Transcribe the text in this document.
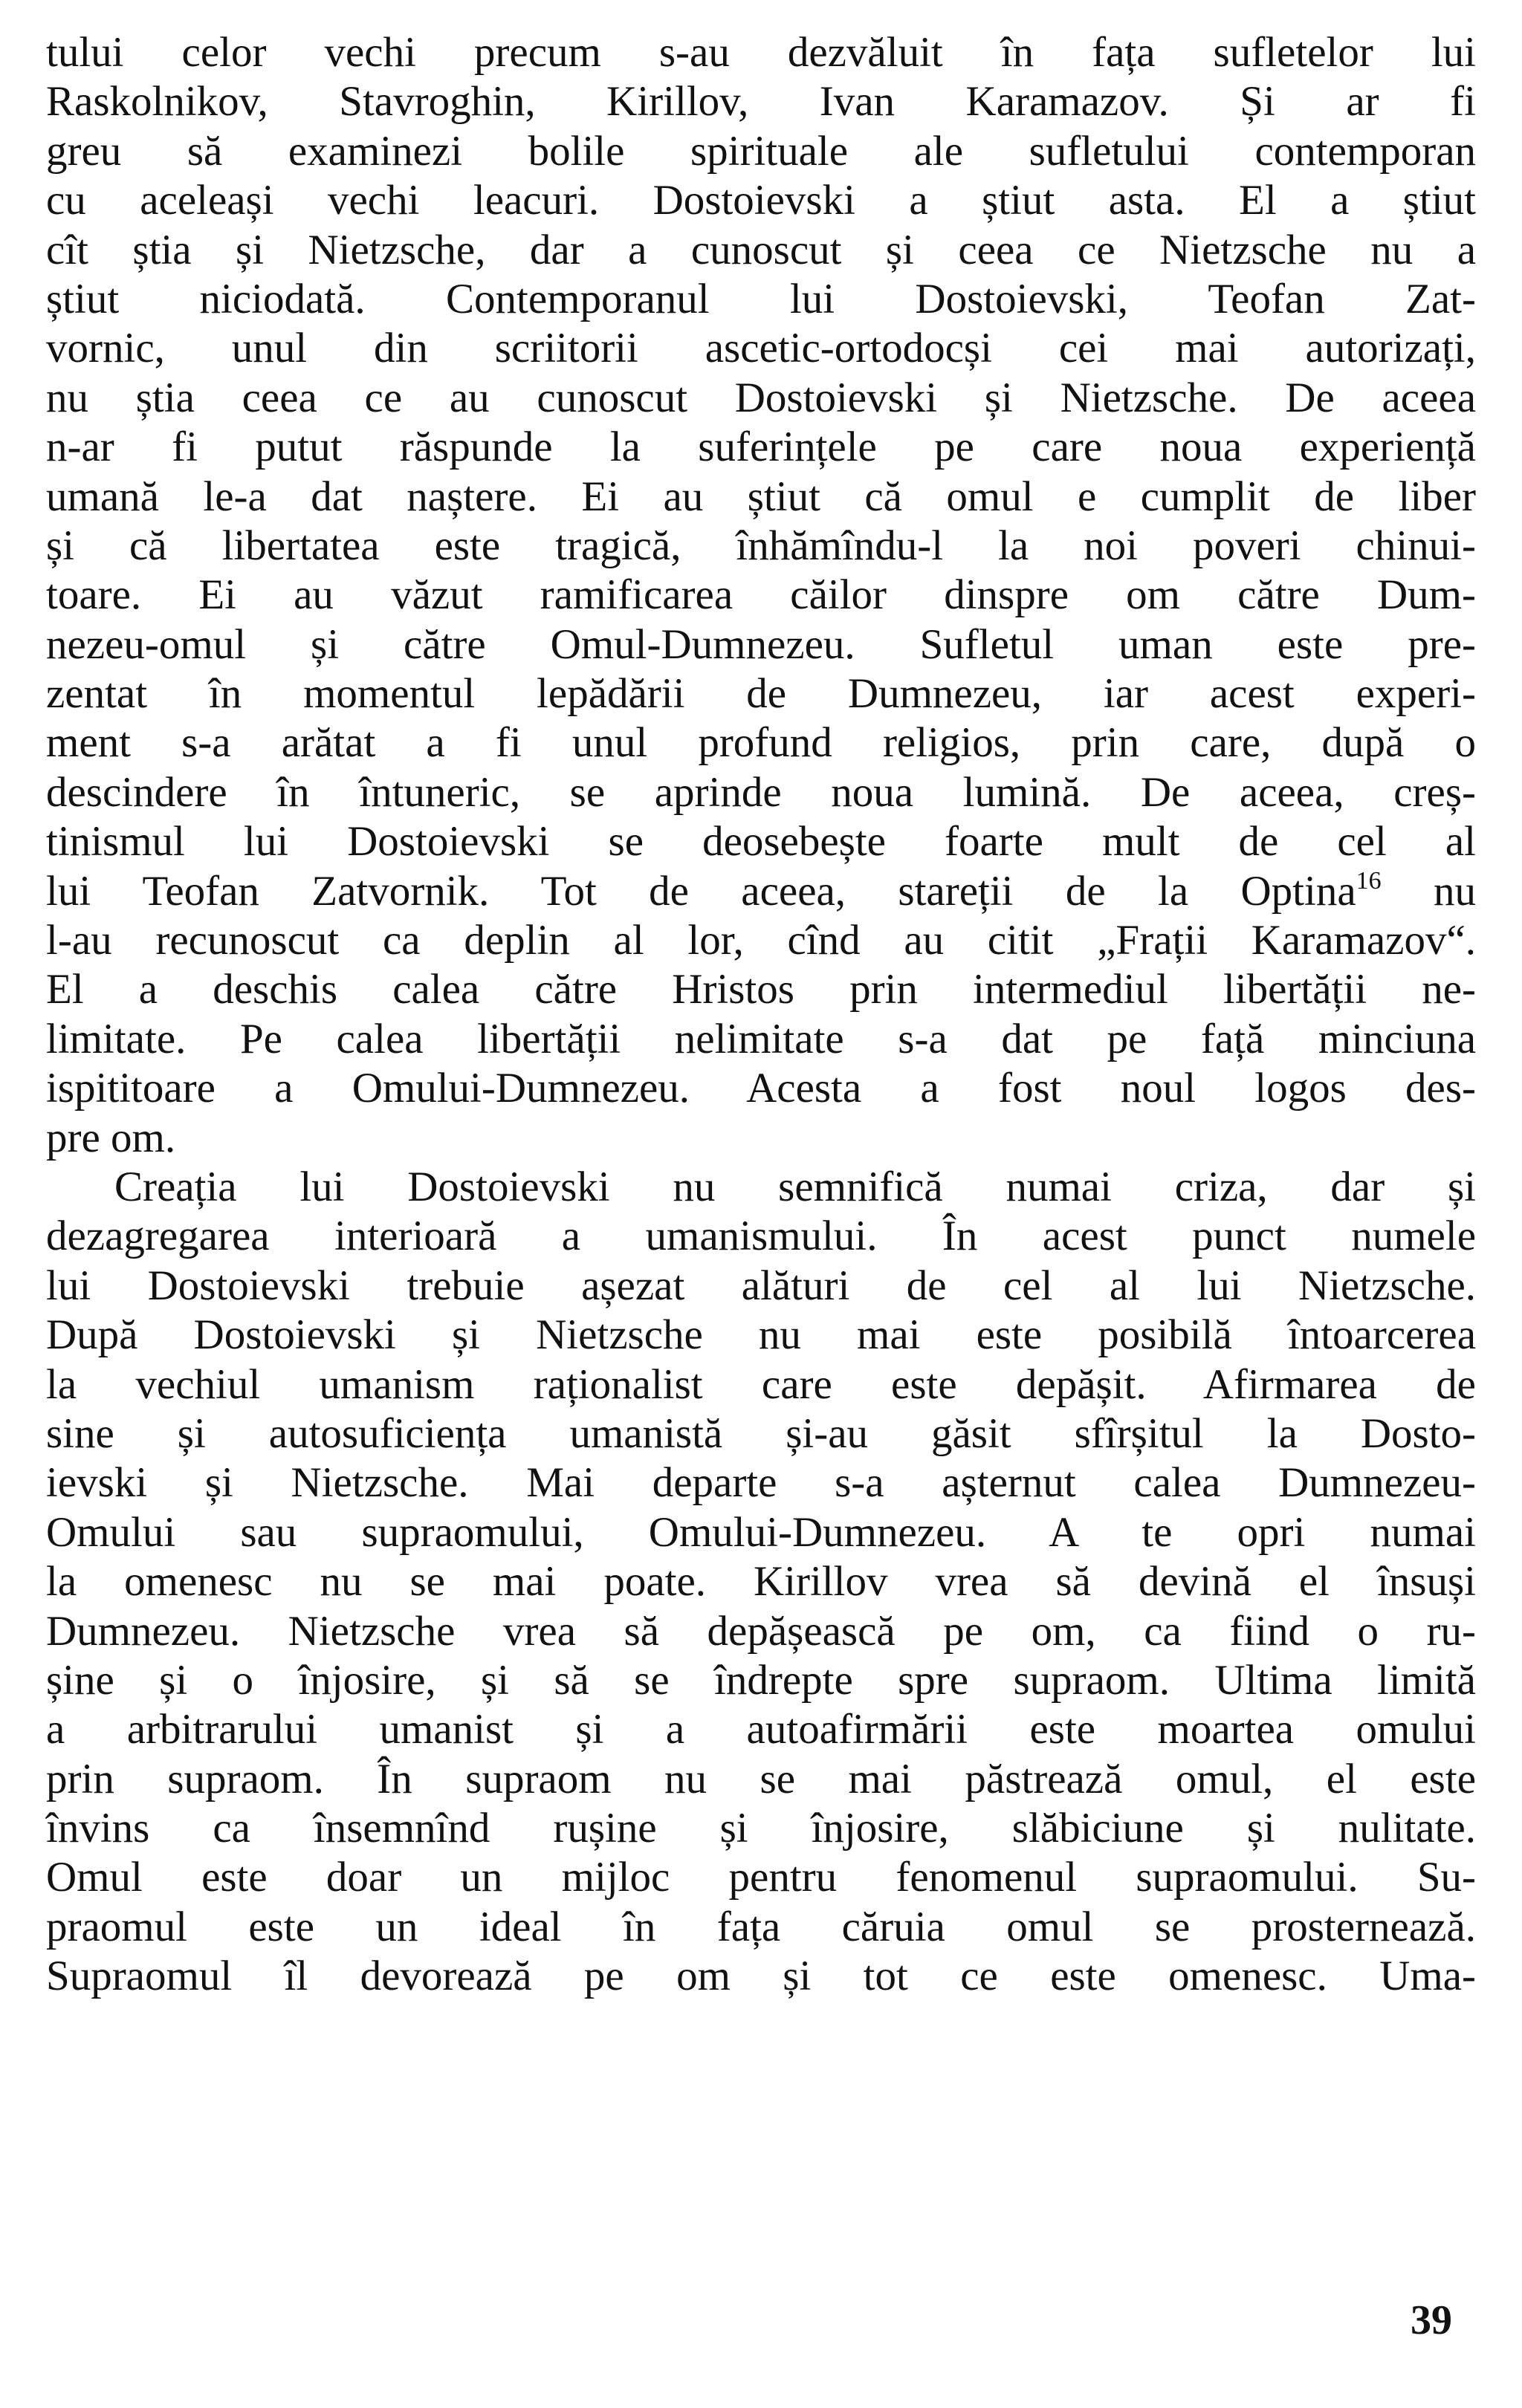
tului celor vechi precum s-au dezvăluit în fața sufletelor lui
Raskolnikov, Stavroghin, Kirillov, Ivan Karamazov. Și ar fi
greu să examinezi bolile spirituale ale sufletului contemporan
cu aceleași vechi leacuri. Dostoievski a știut asta. El a știut
cît știa și Nietzsche, dar a cunoscut și ceea ce Nietzsche nu a
știut niciodată. Contemporanul lui Dostoievski, Teofan Zat-
vornic, unul din scriitorii ascetic-ortodocși cei mai autorizați,
nu știa ceea ce au cunoscut Dostoievski și Nietzsche. De aceea
n-ar fi putut răspunde la suferințele pe care noua experiență
umană le-a dat naștere. Ei au știut că omul e cumplit de liber
și că libertatea este tragică, înhămîndu-l la noi poveri chinui-
toare. Ei au văzut ramificarea căilor dinspre om către Dum-
nezeu-omul și către Omul-Dumnezeu. Sufletul uman este pre-
zentat în momentul lepădării de Dumnezeu, iar acest experi-
ment s-a arătat a fi unul profund religios, prin care, după o
descindere în întuneric, se aprinde noua lumină. De aceea, creș-
tinismul lui Dostoievski se deosebește foarte mult de cel al
lui Teofan Zatvornik. Tot de aceea, stareții de la Optina$^{16}$ nu
l-au recunoscut ca deplin al lor, cînd au citit „Frații Karamazov“.
El a deschis calea către Hristos prin intermediul libertății ne-
limitate. Pe calea libertății nelimitate s-a dat pe față minciuna
ispititoare a Omului-Dumnezeu. Acesta a fost noul logos des-
pre om.
Creația lui Dostoievski nu semnifică numai criza, dar și
dezagregarea interioară a umanismului. În acest punct numele
lui Dostoievski trebuie așezat alături de cel al lui Nietzsche.
După Dostoievski și Nietzsche nu mai este posibilă întoarcerea
la vechiul umanism raționalist care este depășit. Afirmarea de
sine și autosuficiența umanistă și-au găsit sfîrșitul la Dosto-
ievski și Nietzsche. Mai departe s-a așternut calea Dumnezeu-
Omului sau supraomului, Omului-Dumnezeu. A te opri numai
la omenesc nu se mai poate. Kirillov vrea să devină el însuși
Dumnezeu. Nietzsche vrea să depășească pe om, ca fiind o ru-
șine și o înjosire, și să se îndrepte spre supraom. Ultima limită
a arbitrarului umanist și a autoafirmării este moartea omului
prin supraom. În supraom nu se mai păstrează omul, el este
învins ca însemnînd rușine și înjosire, slăbiciune și nulitate.
Omul este doar un mijloc pentru fenomenul supraomului. Su-
praomul este un ideal în fața căruia omul se prosternează.
Supraomul îl devorează pe om și tot ce este omenesc. Uma-
39
